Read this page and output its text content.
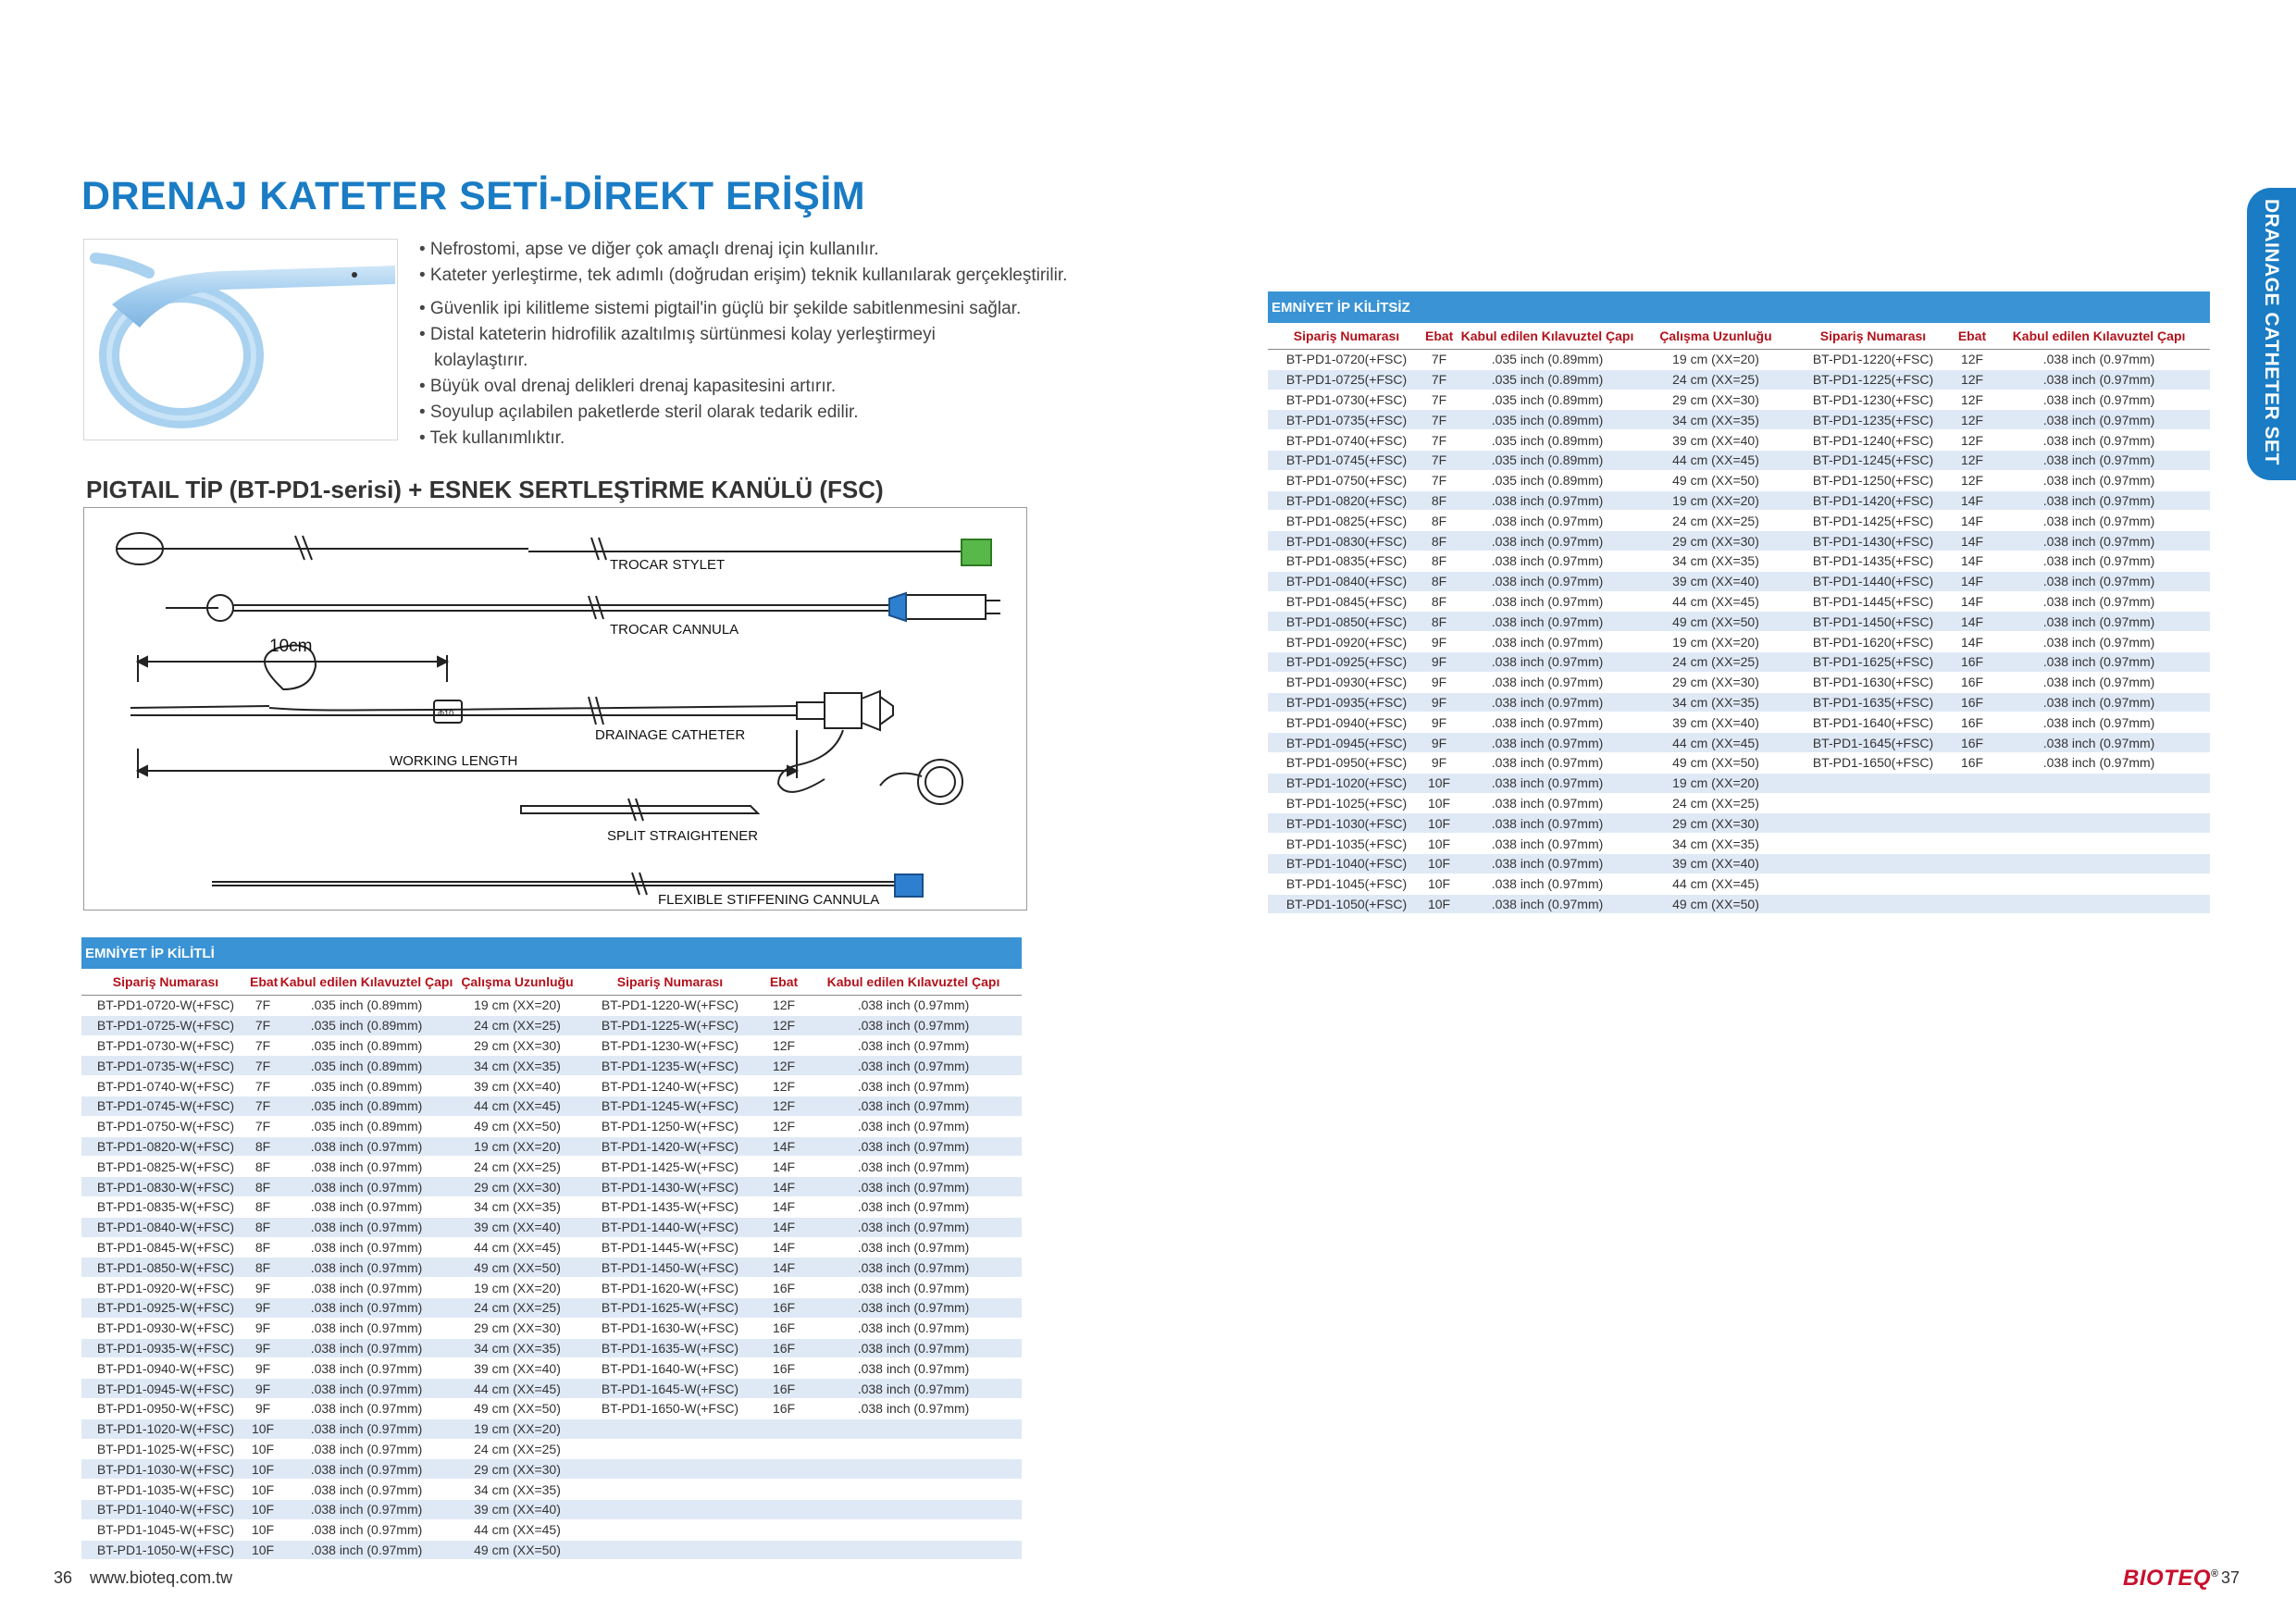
DRENAJ KATETER SETİ-DİREKT ERİŞİM
• Nefrostomi, apse ve diğer çok amaçlı drenaj için kullanılır.
• Kateter yerleştirme, tek adımlı (doğrudan erişim) teknik kullanılarak gerçekleştirilir.
• Güvenlik ipi kilitleme sistemi pigtail'in güçlü bir şekilde sabitlenmesini sağlar.
• Distal kateterin hidrofilik azaltılmış sürtünmesi kolay yerleştirmeyi
kolaylaştırır.
• Büyük oval drenaj delikleri drenaj kapasitesini artırır.
• Soyulup açılabilen paketlerde steril olarak tedarik edilir.
• Tek kullanımlıktır.
PIGTAIL TİP (BT-PD1-serisi) + ESNEK SERTLEŞTİRME KANÜLÜ (FSC)
TROCAR STYLET
TROCAR CANNULA
10cm
Φ10
DRAINAGE CATHETER
WORKING LENGTH
SPLIT STRAIGHTENER
FLEXIBLE STIFFENING CANNULA
EMNİYET İP KİLİTLİ						
Sipariş Numarası	Ebat	Kabul edilen Kılavuztel Çapı	Çalışma Uzunluğu	Sipariş Numarası	Ebat	Kabul edilen Kılavuztel Çapı
BT-PD1-0720-W(+FSC)	7F	.035 inch (0.89mm)	19 cm (XX=20)	BT-PD1-1220-W(+FSC)	12F	.038 inch (0.97mm)
BT-PD1-0725-W(+FSC)	7F	.035 inch (0.89mm)	24 cm (XX=25)	BT-PD1-1225-W(+FSC)	12F	.038 inch (0.97mm)
BT-PD1-0730-W(+FSC)	7F	.035 inch (0.89mm)	29 cm (XX=30)	BT-PD1-1230-W(+FSC)	12F	.038 inch (0.97mm)
BT-PD1-0735-W(+FSC)	7F	.035 inch (0.89mm)	34 cm (XX=35)	BT-PD1-1235-W(+FSC)	12F	.038 inch (0.97mm)
BT-PD1-0740-W(+FSC)	7F	.035 inch (0.89mm)	39 cm (XX=40)	BT-PD1-1240-W(+FSC)	12F	.038 inch (0.97mm)
BT-PD1-0745-W(+FSC)	7F	.035 inch (0.89mm)	44 cm (XX=45)	BT-PD1-1245-W(+FSC)	12F	.038 inch (0.97mm)
BT-PD1-0750-W(+FSC)	7F	.035 inch (0.89mm)	49 cm (XX=50)	BT-PD1-1250-W(+FSC)	12F	.038 inch (0.97mm)
BT-PD1-0820-W(+FSC)	8F	.038 inch (0.97mm)	19 cm (XX=20)	BT-PD1-1420-W(+FSC)	14F	.038 inch (0.97mm)
BT-PD1-0825-W(+FSC)	8F	.038 inch (0.97mm)	24 cm (XX=25)	BT-PD1-1425-W(+FSC)	14F	.038 inch (0.97mm)
BT-PD1-0830-W(+FSC)	8F	.038 inch (0.97mm)	29 cm (XX=30)	BT-PD1-1430-W(+FSC)	14F	.038 inch (0.97mm)
BT-PD1-0835-W(+FSC)	8F	.038 inch (0.97mm)	34 cm (XX=35)	BT-PD1-1435-W(+FSC)	14F	.038 inch (0.97mm)
BT-PD1-0840-W(+FSC)	8F	.038 inch (0.97mm)	39 cm (XX=40)	BT-PD1-1440-W(+FSC)	14F	.038 inch (0.97mm)
BT-PD1-0845-W(+FSC)	8F	.038 inch (0.97mm)	44 cm (XX=45)	BT-PD1-1445-W(+FSC)	14F	.038 inch (0.97mm)
BT-PD1-0850-W(+FSC)	8F	.038 inch (0.97mm)	49 cm (XX=50)	BT-PD1-1450-W(+FSC)	14F	.038 inch (0.97mm)
BT-PD1-0920-W(+FSC)	9F	.038 inch (0.97mm)	19 cm (XX=20)	BT-PD1-1620-W(+FSC)	16F	.038 inch (0.97mm)
BT-PD1-0925-W(+FSC)	9F	.038 inch (0.97mm)	24 cm (XX=25)	BT-PD1-1625-W(+FSC)	16F	.038 inch (0.97mm)
BT-PD1-0930-W(+FSC)	9F	.038 inch (0.97mm)	29 cm (XX=30)	BT-PD1-1630-W(+FSC)	16F	.038 inch (0.97mm)
BT-PD1-0935-W(+FSC)	9F	.038 inch (0.97mm)	34 cm (XX=35)	BT-PD1-1635-W(+FSC)	16F	.038 inch (0.97mm)
BT-PD1-0940-W(+FSC)	9F	.038 inch (0.97mm)	39 cm (XX=40)	BT-PD1-1640-W(+FSC)	16F	.038 inch (0.97mm)
BT-PD1-0945-W(+FSC)	9F	.038 inch (0.97mm)	44 cm (XX=45)	BT-PD1-1645-W(+FSC)	16F	.038 inch (0.97mm)
BT-PD1-0950-W(+FSC)	9F	.038 inch (0.97mm)	49 cm (XX=50)	BT-PD1-1650-W(+FSC)	16F	.038 inch (0.97mm)
BT-PD1-1020-W(+FSC)	10F	.038 inch (0.97mm)	19 cm (XX=20)			
BT-PD1-1025-W(+FSC)	10F	.038 inch (0.97mm)	24 cm (XX=25)			
BT-PD1-1030-W(+FSC)	10F	.038 inch (0.97mm)	29 cm (XX=30)			
BT-PD1-1035-W(+FSC)	10F	.038 inch (0.97mm)	34 cm (XX=35)			
BT-PD1-1040-W(+FSC)	10F	.038 inch (0.97mm)	39 cm (XX=40)			
BT-PD1-1045-W(+FSC)	10F	.038 inch (0.97mm)	44 cm (XX=45)			
BT-PD1-1050-W(+FSC)	10F	.038 inch (0.97mm)	49 cm (XX=50)			
EMNİYET İP KİLİTSİZ						
Sipariş Numarası	Ebat	Kabul edilen Kılavuztel Çapı	Çalışma Uzunluğu	Sipariş Numarası	Ebat	Kabul edilen Kılavuztel Çapı
BT-PD1-0720(+FSC)	7F	.035 inch (0.89mm)	19 cm (XX=20)	BT-PD1-1220(+FSC)	12F	.038 inch (0.97mm)
BT-PD1-0725(+FSC)	7F	.035 inch (0.89mm)	24 cm (XX=25)	BT-PD1-1225(+FSC)	12F	.038 inch (0.97mm)
BT-PD1-0730(+FSC)	7F	.035 inch (0.89mm)	29 cm (XX=30)	BT-PD1-1230(+FSC)	12F	.038 inch (0.97mm)
BT-PD1-0735(+FSC)	7F	.035 inch (0.89mm)	34 cm (XX=35)	BT-PD1-1235(+FSC)	12F	.038 inch (0.97mm)
BT-PD1-0740(+FSC)	7F	.035 inch (0.89mm)	39 cm (XX=40)	BT-PD1-1240(+FSC)	12F	.038 inch (0.97mm)
BT-PD1-0745(+FSC)	7F	.035 inch (0.89mm)	44 cm (XX=45)	BT-PD1-1245(+FSC)	12F	.038 inch (0.97mm)
BT-PD1-0750(+FSC)	7F	.035 inch (0.89mm)	49 cm (XX=50)	BT-PD1-1250(+FSC)	12F	.038 inch (0.97mm)
BT-PD1-0820(+FSC)	8F	.038 inch (0.97mm)	19 cm (XX=20)	BT-PD1-1420(+FSC)	14F	.038 inch (0.97mm)
BT-PD1-0825(+FSC)	8F	.038 inch (0.97mm)	24 cm (XX=25)	BT-PD1-1425(+FSC)	14F	.038 inch (0.97mm)
BT-PD1-0830(+FSC)	8F	.038 inch (0.97mm)	29 cm (XX=30)	BT-PD1-1430(+FSC)	14F	.038 inch (0.97mm)
BT-PD1-0835(+FSC)	8F	.038 inch (0.97mm)	34 cm (XX=35)	BT-PD1-1435(+FSC)	14F	.038 inch (0.97mm)
BT-PD1-0840(+FSC)	8F	.038 inch (0.97mm)	39 cm (XX=40)	BT-PD1-1440(+FSC)	14F	.038 inch (0.97mm)
BT-PD1-0845(+FSC)	8F	.038 inch (0.97mm)	44 cm (XX=45)	BT-PD1-1445(+FSC)	14F	.038 inch (0.97mm)
BT-PD1-0850(+FSC)	8F	.038 inch (0.97mm)	49 cm (XX=50)	BT-PD1-1450(+FSC)	14F	.038 inch (0.97mm)
BT-PD1-0920(+FSC)	9F	.038 inch (0.97mm)	19 cm (XX=20)	BT-PD1-1620(+FSC)	14F	.038 inch (0.97mm)
BT-PD1-0925(+FSC)	9F	.038 inch (0.97mm)	24 cm (XX=25)	BT-PD1-1625(+FSC)	16F	.038 inch (0.97mm)
BT-PD1-0930(+FSC)	9F	.038 inch (0.97mm)	29 cm (XX=30)	BT-PD1-1630(+FSC)	16F	.038 inch (0.97mm)
BT-PD1-0935(+FSC)	9F	.038 inch (0.97mm)	34 cm (XX=35)	BT-PD1-1635(+FSC)	16F	.038 inch (0.97mm)
BT-PD1-0940(+FSC)	9F	.038 inch (0.97mm)	39 cm (XX=40)	BT-PD1-1640(+FSC)	16F	.038 inch (0.97mm)
BT-PD1-0945(+FSC)	9F	.038 inch (0.97mm)	44 cm (XX=45)	BT-PD1-1645(+FSC)	16F	.038 inch (0.97mm)
BT-PD1-0950(+FSC)	9F	.038 inch (0.97mm)	49 cm (XX=50)	BT-PD1-1650(+FSC)	16F	.038 inch (0.97mm)
BT-PD1-1020(+FSC)	10F	.038 inch (0.97mm)	19 cm (XX=20)			
BT-PD1-1025(+FSC)	10F	.038 inch (0.97mm)	24 cm (XX=25)			
BT-PD1-1030(+FSC)	10F	.038 inch (0.97mm)	29 cm (XX=30)			
BT-PD1-1035(+FSC)	10F	.038 inch (0.97mm)	34 cm (XX=35)			
BT-PD1-1040(+FSC)	10F	.038 inch (0.97mm)	39 cm (XX=40)			
BT-PD1-1045(+FSC)	10F	.038 inch (0.97mm)	44 cm (XX=45)			
BT-PD1-1050(+FSC)	10F	.038 inch (0.97mm)	49 cm (XX=50)			
DRAINAGE CATHETER SET
36 www.bioteq.com.tw	BIOTEQ® 37
